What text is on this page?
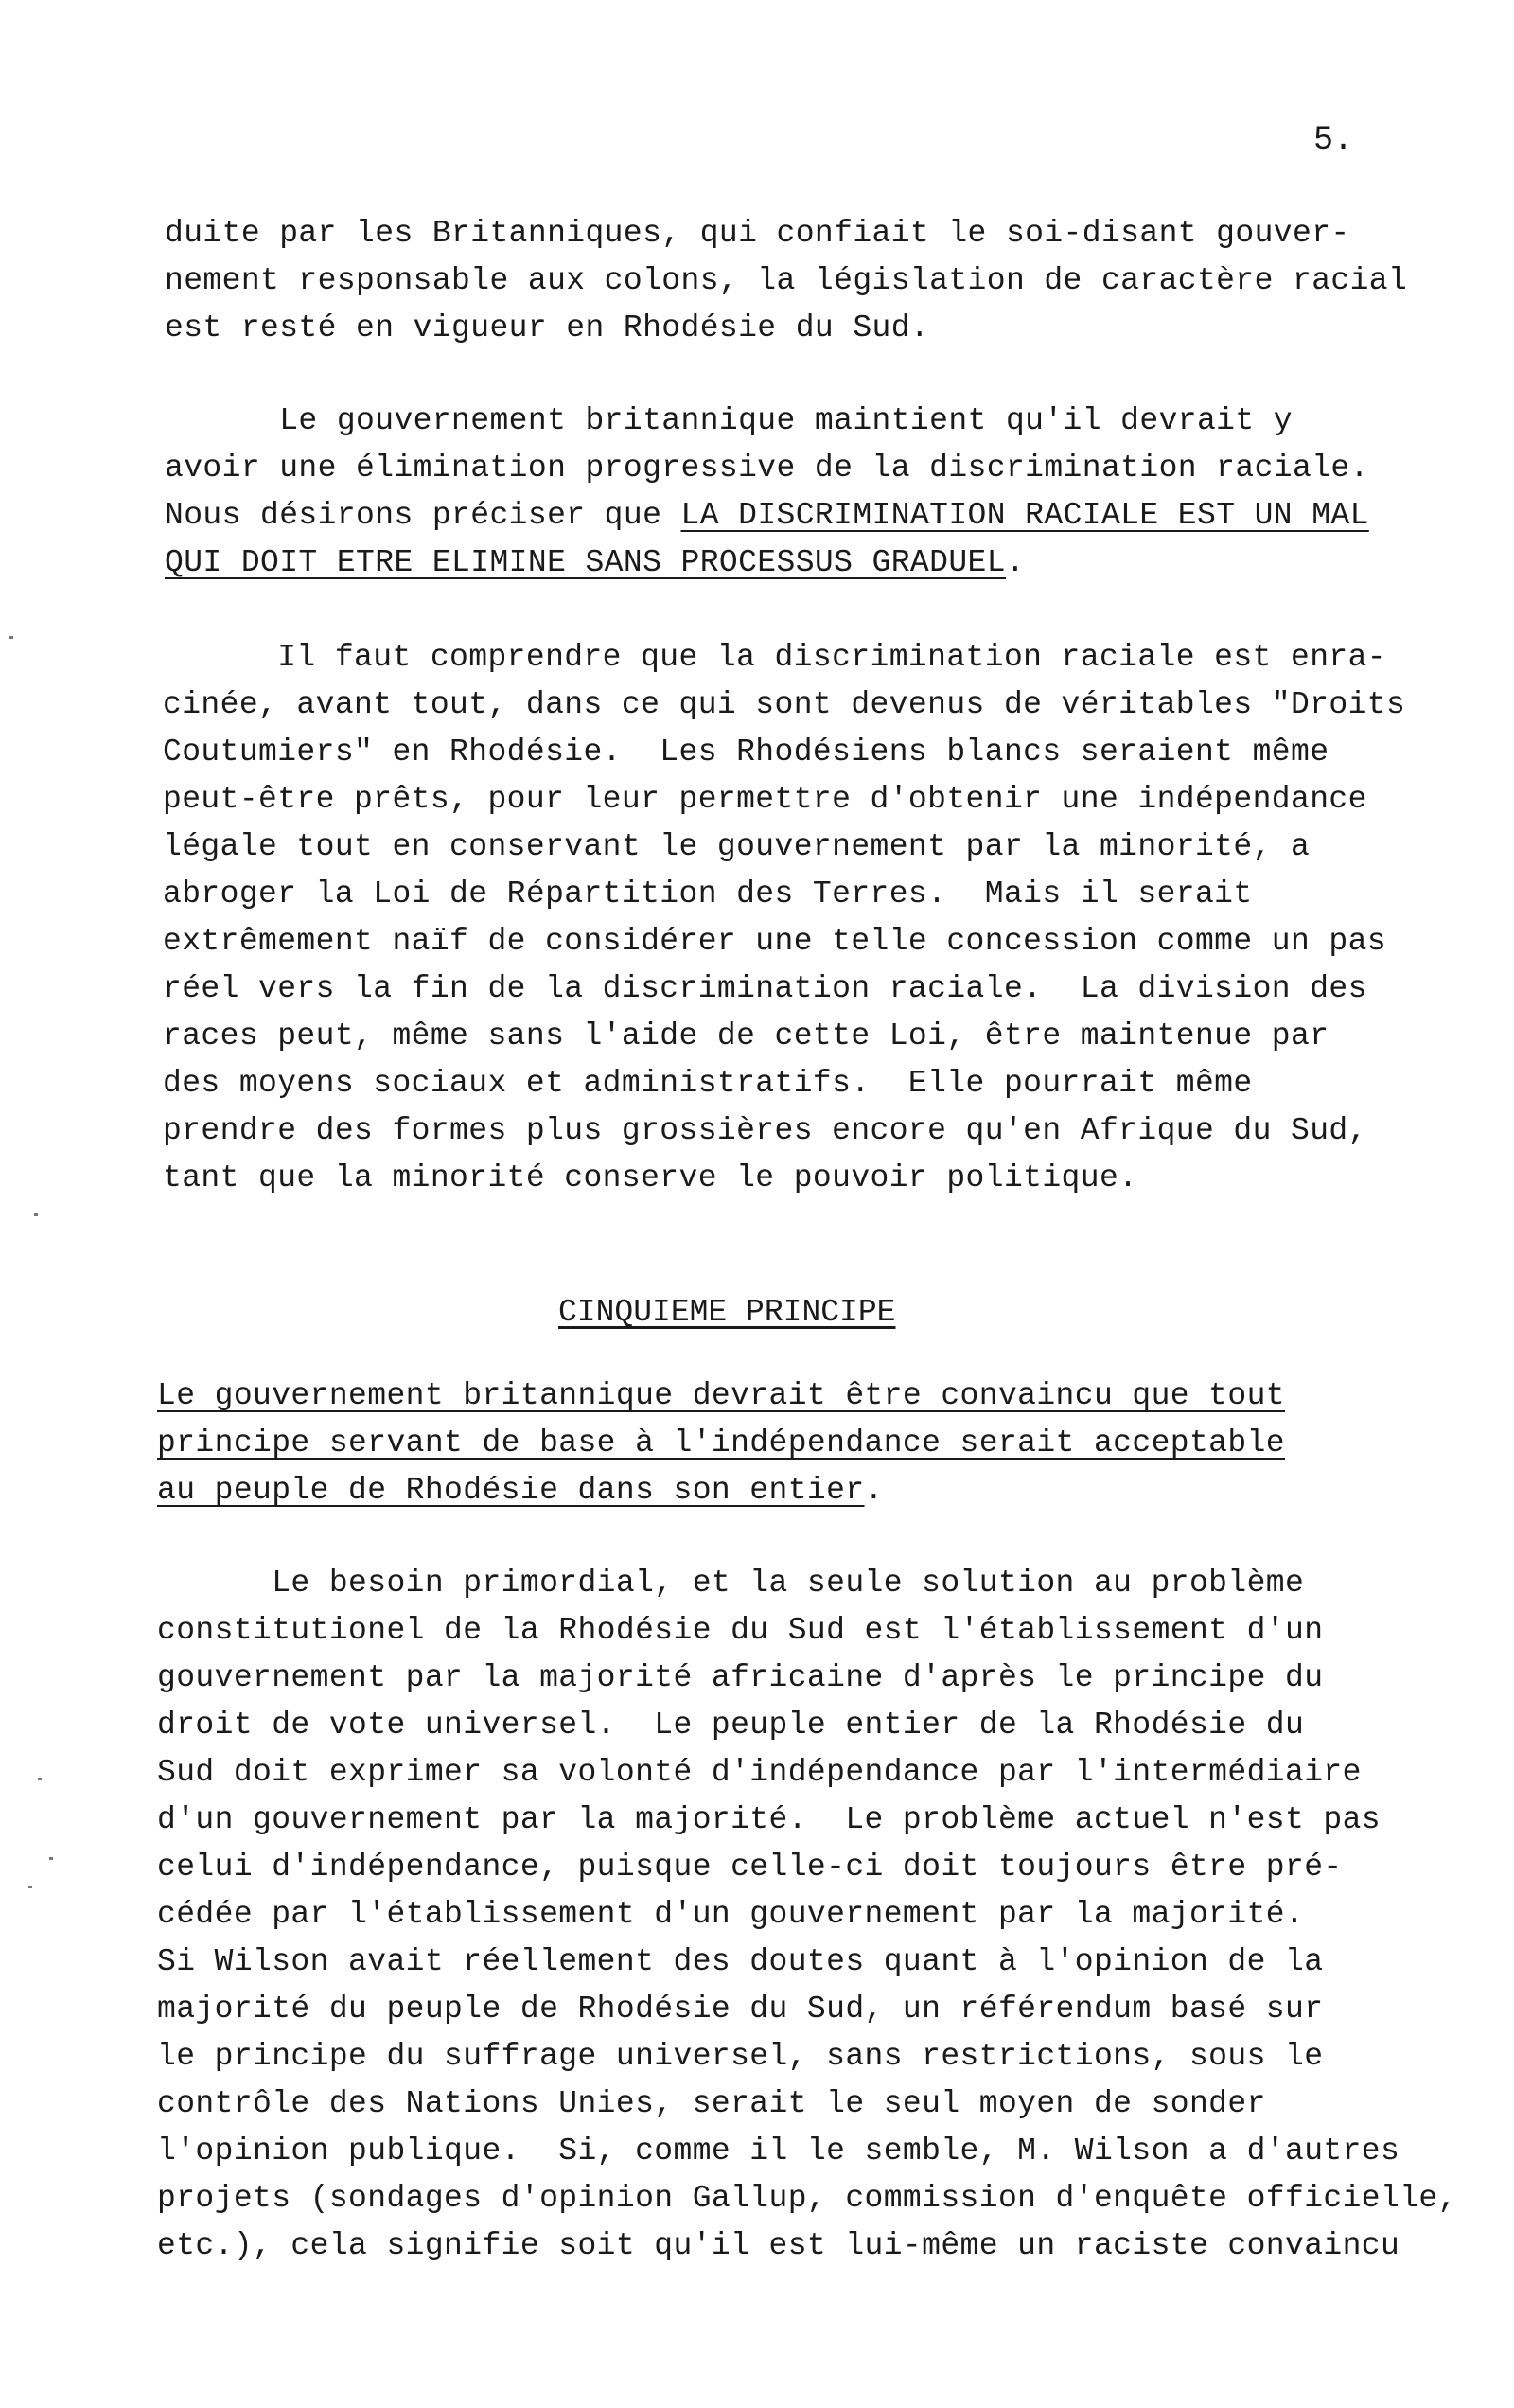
5.
duite par les Britanniques, qui confiait le soi-disant gouver-
nement responsable aux colons, la législation de caractère racial
est resté en vigueur en Rhodésie du Sud.
Le gouvernement britannique maintient qu'il devrait y
avoir une élimination progressive de la discrimination raciale.
Nous désirons préciser que LA DISCRIMINATION RACIALE EST UN MAL
QUI DOIT ETRE ELIMINE SANS PROCESSUS GRADUEL.
Il faut comprendre que la discrimination raciale est enra-
cinée, avant tout, dans ce qui sont devenus de véritables "Droits
Coutumiers" en Rhodésie.  Les Rhodésiens blancs seraient même
peut-être prêts, pour leur permettre d'obtenir une indépendance
légale tout en conservant le gouvernement par la minorité, a
abroger la Loi de Répartition des Terres.  Mais il serait
extrêmement naïf de considérer une telle concession comme un pas
réel vers la fin de la discrimination raciale.  La division des
races peut, même sans l'aide de cette Loi, être maintenue par
des moyens sociaux et administratifs.  Elle pourrait même
prendre des formes plus grossières encore qu'en Afrique du Sud,
tant que la minorité conserve le pouvoir politique.
CINQUIEME PRINCIPE
Le gouvernement britannique devrait être convaincu que tout
principe servant de base à l'indépendance serait acceptable
au peuple de Rhodésie dans son entier.
Le besoin primordial, et la seule solution au problème
constitutionel de la Rhodésie du Sud est l'établissement d'un
gouvernement par la majorité africaine d'après le principe du
droit de vote universel.  Le peuple entier de la Rhodésie du
Sud doit exprimer sa volonté d'indépendance par l'intermédiaire
d'un gouvernement par la majorité.  Le problème actuel n'est pas
celui d'indépendance, puisque celle-ci doit toujours être pré-
cédée par l'établissement d'un gouvernement par la majorité.
Si Wilson avait réellement des doutes quant à l'opinion de la
majorité du peuple de Rhodésie du Sud, un référendum basé sur
le principe du suffrage universel, sans restrictions, sous le
contrôle des Nations Unies, serait le seul moyen de sonder
l'opinion publique.  Si, comme il le semble, M. Wilson a d'autres
projets (sondages d'opinion Gallup, commission d'enquête officielle,
etc.), cela signifie soit qu'il est lui-même un raciste convaincu
